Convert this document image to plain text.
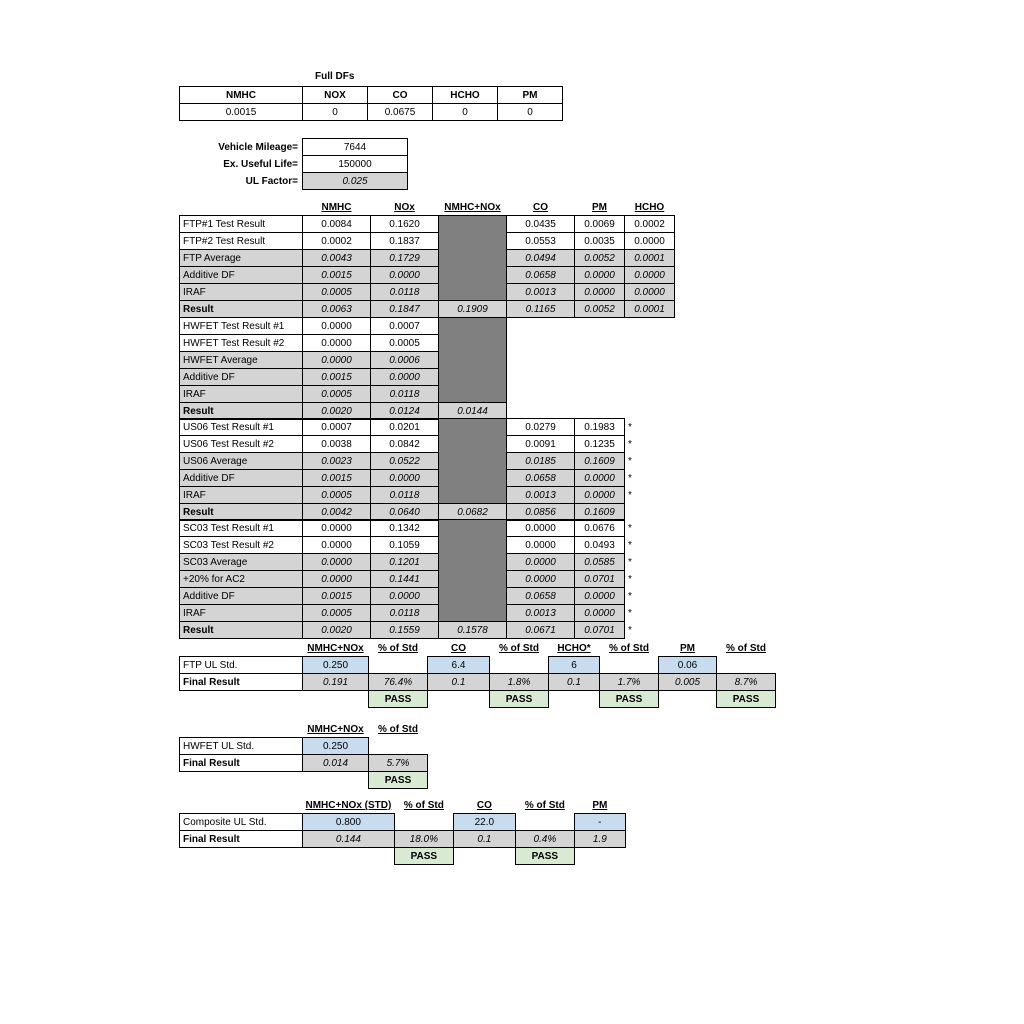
Full DFs
NMHC	NOX	CO	HCHO	PM
0.0015	0	0.0675	0	0
Vehicle Mileage=	7644
Ex. Useful Life=	150000
UL Factor=	0.025
	NMHC	NOx	NMHC+NOx	CO	PM	HCHO
FTP#1 Test Result	0.0084	0.1620		0.0435	0.0069	0.0002
FTP#2 Test Result	0.0002	0.1837		0.0553	0.0035	0.0000
FTP Average	0.0043	0.1729		0.0494	0.0052	0.0001
Additive DF	0.0015	0.0000		0.0658	0.0000	0.0000
IRAF	0.0005	0.0118		0.0013	0.0000	0.0000
Result	0.0063	0.1847	0.1909	0.1165	0.0052	0.0001
HWFET Test Result #1	0.0000	0.0007	
HWFET Test Result #2	0.0000	0.0005	
HWFET Average	0.0000	0.0006	
Additive DF	0.0015	0.0000	
IRAF	0.0005	0.0118	
Result	0.0020	0.0124	0.0144
US06 Test Result #1	0.0007	0.0201		0.0279	0.1983	*
US06 Test Result #2	0.0038	0.0842		0.0091	0.1235	*
US06 Average	0.0023	0.0522		0.0185	0.1609	*
Additive DF	0.0015	0.0000		0.0658	0.0000	*
IRAF	0.0005	0.0118		0.0013	0.0000	*
Result	0.0042	0.0640	0.0682	0.0856	0.1609	
SC03 Test Result #1	0.0000	0.1342		0.0000	0.0676	*
SC03 Test Result #2	0.0000	0.1059		0.0000	0.0493	*
SC03 Average	0.0000	0.1201		0.0000	0.0585	*
+20% for AC2	0.0000	0.1441		0.0000	0.0701	*
Additive DF	0.0015	0.0000		0.0658	0.0000	*
IRAF	0.0005	0.0118		0.0013	0.0000	*
Result	0.0020	0.1559	0.1578	0.0671	0.0701	*
	NMHC+NOx	% of Std	CO	% of Std	HCHO*	% of Std	PM	% of Std
FTP UL Std.	0.250		6.4		6		0.06	
Final Result	0.191	76.4%	0.1	1.8%	0.1	1.7%	0.005	8.7%
		PASS		PASS		PASS		PASS
	NMHC+NOx	% of Std
HWFET UL Std.	0.250	
Final Result	0.014	5.7%
		PASS
	NMHC+NOx (STD)	% of Std	CO	% of Std	PM
Composite UL Std.	0.800		22.0		-
Final Result	0.144	18.0%	0.1	0.4%	1.9
		PASS		PASS	
